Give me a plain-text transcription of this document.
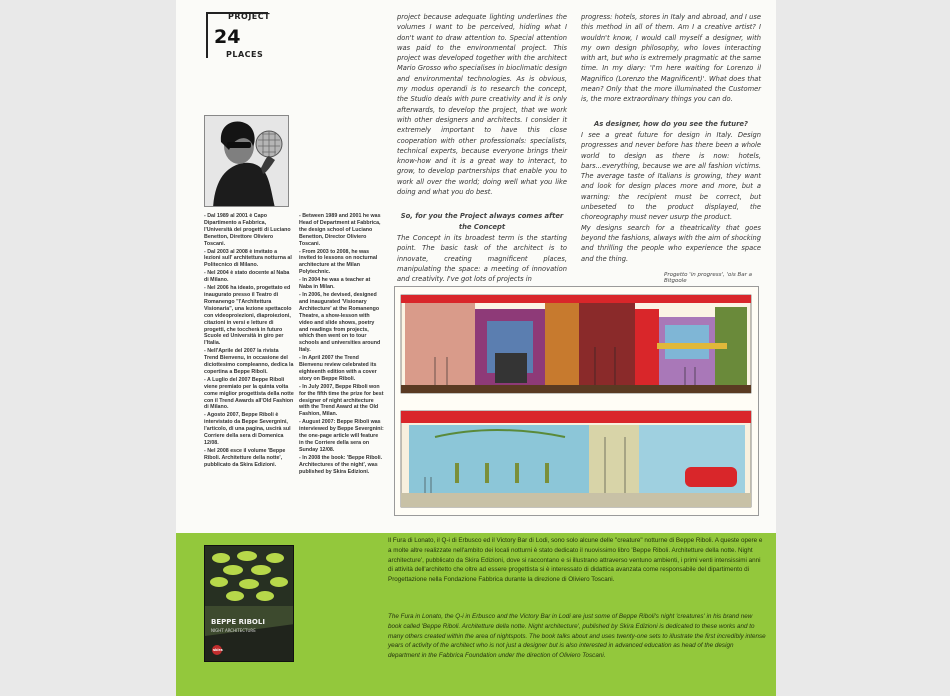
PROJECT
24
PLACES

project because adequate lighting underlines the volumes I want to be perceived, hiding what I don't want to draw attention to. Special attention was paid to the environmental project. This project was developed together with the architect Mario Grosso who specialises in bioclimatic design and environmental technologies. As is obvious, my modus operandi is to research the concept, the Studio deals with pure creativity and it is only afterwards, to develop the project, that we work with other designers and architects. I consider it extremely important to have this close cooperation with other professionals: specialists, technical experts, because everyone brings their know-how and it is a great way to interact, to grow, to develop partnerships that enable you to work all over the world; doing well what you like doing and what you do best.

So, for you the Project always comes after the Concept

The Concept in its broadest term is the starting point. The basic task of the architect is to innovate, creating magnificent places, manipulating the space: a meeting of innovation and creativity. I've got lots of projects in

progress: hotels, stores in Italy and abroad, and I use this method in all of them. Am I a creative artist? I wouldn't know, I would call myself a designer, with my own design philosophy, who loves interacting with art, but who is extremely pragmatic at the same time. In my diary: 'I'm here waiting for Lorenzo il Magnifico (Lorenzo the Magnificent)'. What does that mean? Only that the more illuminated the Customer is, the more extraordinary things you can do.

As designer, how do you see the future?

I see a great future for design in Italy. Design progresses and never before has there been a whole world to design as there is now: hotels, bars...everything, because we are all fashion victims. The average taste of Italians is growing, they want and look for design places more and more, but a warning: the recipient must be correct, but unbeseted to the product displayed, the choreography must never usurp the product.

My designs search for a theatricality that goes beyond the fashions, always with the aim of shocking and thrilling the people who experience the space and the thing.

- Dal 1989 al 2001 è Capo Dipartimento a Fabbrica, l'Università dei progetti di Luciano Benetton, Direttore Oliviero Toscani.

- Dal 2003 al 2008 è invitato a lezioni sull' architettura notturna al Politecnico di Milano.

- Nel 2004 è stato docente al Naba di Milano.

- Nel 2006 ha ideato, progettato ed inaugurato presso il Teatro di Romanengo "l'Architettura Visionaria", una lezione spettacolo con videoproiezioni, diaproiezioni, citazioni in versi e letture di progetti, che toccherà in futuro Scuole ed Università in giro per l'Italia.

- Nell'Aprile del 2007 la rivista Trend Bienvenu, in occasione del diciottesimo compleanno, dedica la copertina a Beppe Riboli.

- A Luglio del 2007 Beppe Riboli viene premiato per la quinta volta come miglior progettista della notte con il Trend Awards all'Old Fashion di Milano.

- Agosto 2007, Beppe Riboli è intervistato da Beppe Severgnini, l'articolo, di una pagina, uscirà sul Corriere della sera di Domenica 12/08.

- Nel 2008 esce il volume 'Beppe Riboli. Architetture della notte', pubblicato da Skira Edizioni.

- Between 1989 and 2001 he was Head of Department at Fabbrica, the design school of Luciano Benetton, Director Oliviero Toscani.

- From 2003 to 2008, he was invited to lessons on nocturnal architecture at the Milan Polytechnic.

- In 2004 he was a teacher at Naba in Milan.

- In 2006, he devised, designed and inaugurated 'Visionary Architecture' at the Romanengo Theatre, a show-lesson with video and slide shows, poetry and readings from projects, which then went on to tour schools and universities around Italy.

- In April 2007 the Trend Bienvenu review celebrated its eighteenth edition with a cover story on Beppe Riboli.

- In July 2007, Beppe Riboli won for the fifth time the prize for best designer of night architecture with the Trend Award at the Old Fashion, Milan.

- August 2007: Beppe Riboli was interviewed by Beppe Severgnini: the one-page article will feature in the Corriere della sera on Sunday 12/08.

- In 2008 the book: 'Beppe Riboli. Architectures of the night', was published by Skira Edizioni.

Progetto 'in progress', 'ois Bar a Bitgoole
BEPPE RIBOLI
NIGHT ARCHITECTURE
skira

Il Fura di Lonato, il Q-i di Erbusco ed il Victory Bar di Lodi, sono solo alcune delle "creature" notturne di Beppe Riboli. A queste opere e a molte altre realizzate nell'ambito dei locali notturni è stato dedicato il nuovissimo libro 'Beppe Riboli. Architetture della notte. Night architecture', pubblicato da Skira Edizioni, dove si raccontano e si illustrano attraverso ventuno ambienti, i primi venti intensissimi anni di attività dell'architetto che oltre ad essere progettista si è interessato di didattica avanzata come responsabile del dipartimento di Progettazione nella Fondazione Fabbrica durante la direzione di Oliviero Toscani.

The Fura in Lonato, the Q-i in Erbusco and the Victory Bar in Lodi are just some of Beppe Riboli's night 'creatures' in his brand new book called 'Beppe Riboli. Architetture della notte. Night architecture', published by Skira Edizioni is dedicated to these works and to many others created within the area of nightspots. The book talks about and uses twenty-one sets to illustrate the first incredibly intense years of activity of the architect who is not just a designer but is also interested in advanced education as head of the design department in the Fabbrica Foundation under the direction of Oliviero Toscani.
